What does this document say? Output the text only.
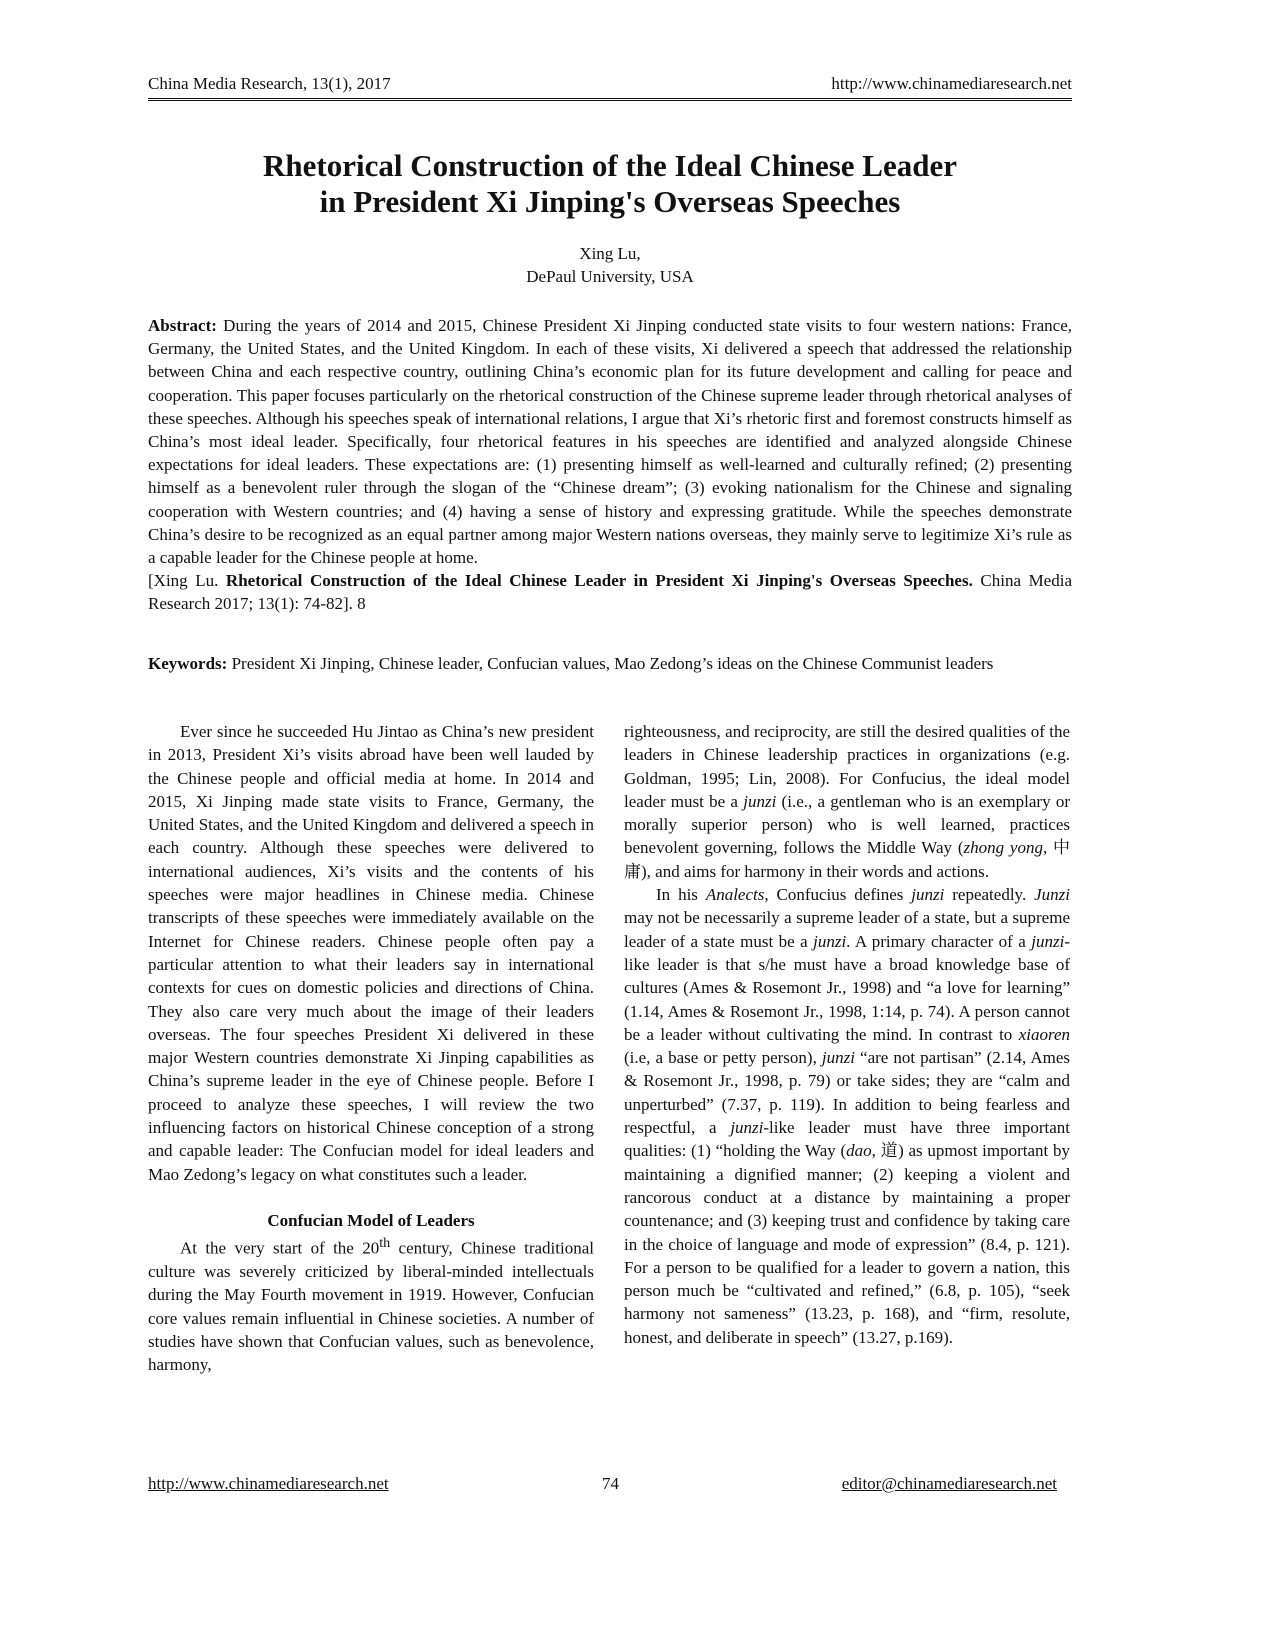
China Media Research, 13(1), 2017	http://www.chinamediaresearch.net
Rhetorical Construction of the Ideal Chinese Leader
in President Xi Jinping's Overseas Speeches
Xing Lu,
DePaul University, USA

Abstract: During the years of 2014 and 2015, Chinese President Xi Jinping conducted state visits to four western nations: France, Germany, the United States, and the United Kingdom. In each of these visits, Xi delivered a speech that addressed the relationship between China and each respective country, outlining China’s economic plan for its future development and calling for peace and cooperation. This paper focuses particularly on the rhetorical construction of the Chinese supreme leader through rhetorical analyses of these speeches. Although his speeches speak of international relations, I argue that Xi’s rhetoric first and foremost constructs himself as China’s most ideal leader. Specifically, four rhetorical features in his speeches are identified and analyzed alongside Chinese expectations for ideal leaders. These expectations are: (1) presenting himself as well-learned and culturally refined; (2) presenting himself as a benevolent ruler through the slogan of the “Chinese dream”; (3) evoking nationalism for the Chinese and signaling cooperation with Western countries; and (4) having a sense of history and expressing gratitude. While the speeches demonstrate China’s desire to be recognized as an equal partner among major Western nations overseas, they mainly serve to legitimize Xi’s rule as a capable leader for the Chinese people at home.

[Xing Lu. Rhetorical Construction of the Ideal Chinese Leader in President Xi Jinping's Overseas Speeches. China Media Research 2017; 13(1): 74-82]. 8

Keywords: President Xi Jinping, Chinese leader, Confucian values, Mao Zedong’s ideas on the Chinese Communist leaders

Ever since he succeeded Hu Jintao as China’s new president in 2013, President Xi’s visits abroad have been well lauded by the Chinese people and official media at home. In 2014 and 2015, Xi Jinping made state visits to France, Germany, the United States, and the United Kingdom and delivered a speech in each country. Although these speeches were delivered to international audiences, Xi’s visits and the contents of his speeches were major headlines in Chinese media. Chinese transcripts of these speeches were immediately available on the Internet for Chinese readers. Chinese people often pay a particular attention to what their leaders say in international contexts for cues on domestic policies and directions of China. They also care very much about the image of their leaders overseas. The four speeches President Xi delivered in these major Western countries demonstrate Xi Jinping capabilities as China’s supreme leader in the eye of Chinese people. Before I proceed to analyze these speeches, I will review the two influencing factors on historical Chinese conception of a strong and capable leader: The Confucian model for ideal leaders and Mao Zedong’s legacy on what constitutes such a leader.

Confucian Model of Leaders

At the very start of the 20th century, Chinese traditional culture was severely criticized by liberal-minded intellectuals during the May Fourth movement in 1919. However, Confucian core values remain influential in Chinese societies. A number of studies have shown that Confucian values, such as benevolence, harmony,

righteousness, and reciprocity, are still the desired qualities of the leaders in Chinese leadership practices in organizations (e.g. Goldman, 1995; Lin, 2008). For Confucius, the ideal model leader must be a junzi (i.e., a gentleman who is an exemplary or morally superior person) who is well learned, practices benevolent governing, follows the Middle Way (zhong yong, 中庸), and aims for harmony in their words and actions.

In his Analects, Confucius defines junzi repeatedly. Junzi may not be necessarily a supreme leader of a state, but a supreme leader of a state must be a junzi. A primary character of a junzi-like leader is that s/he must have a broad knowledge base of cultures (Ames & Rosemont Jr., 1998) and “a love for learning” (1.14, Ames & Rosemont Jr., 1998, 1:14, p. 74). A person cannot be a leader without cultivating the mind. In contrast to xiaoren (i.e, a base or petty person), junzi “are not partisan” (2.14, Ames & Rosemont Jr., 1998, p. 79) or take sides; they are “calm and unperturbed” (7.37, p. 119). In addition to being fearless and respectful, a junzi-like leader must have three important qualities: (1) “holding the Way (dao, 道) as upmost important by maintaining a dignified manner; (2) keeping a violent and rancorous conduct at a distance by maintaining a proper countenance; and (3) keeping trust and confidence by taking care in the choice of language and mode of expression” (8.4, p. 121). For a person to be qualified for a leader to govern a nation, this person much be “cultivated and refined,” (6.8, p. 105), “seek harmony not sameness” (13.23, p. 168), and “firm, resolute, honest, and deliberate in speech” (13.27, p.169).

http://www.chinamediaresearch.net	74	editor@chinamediaresearch.net
